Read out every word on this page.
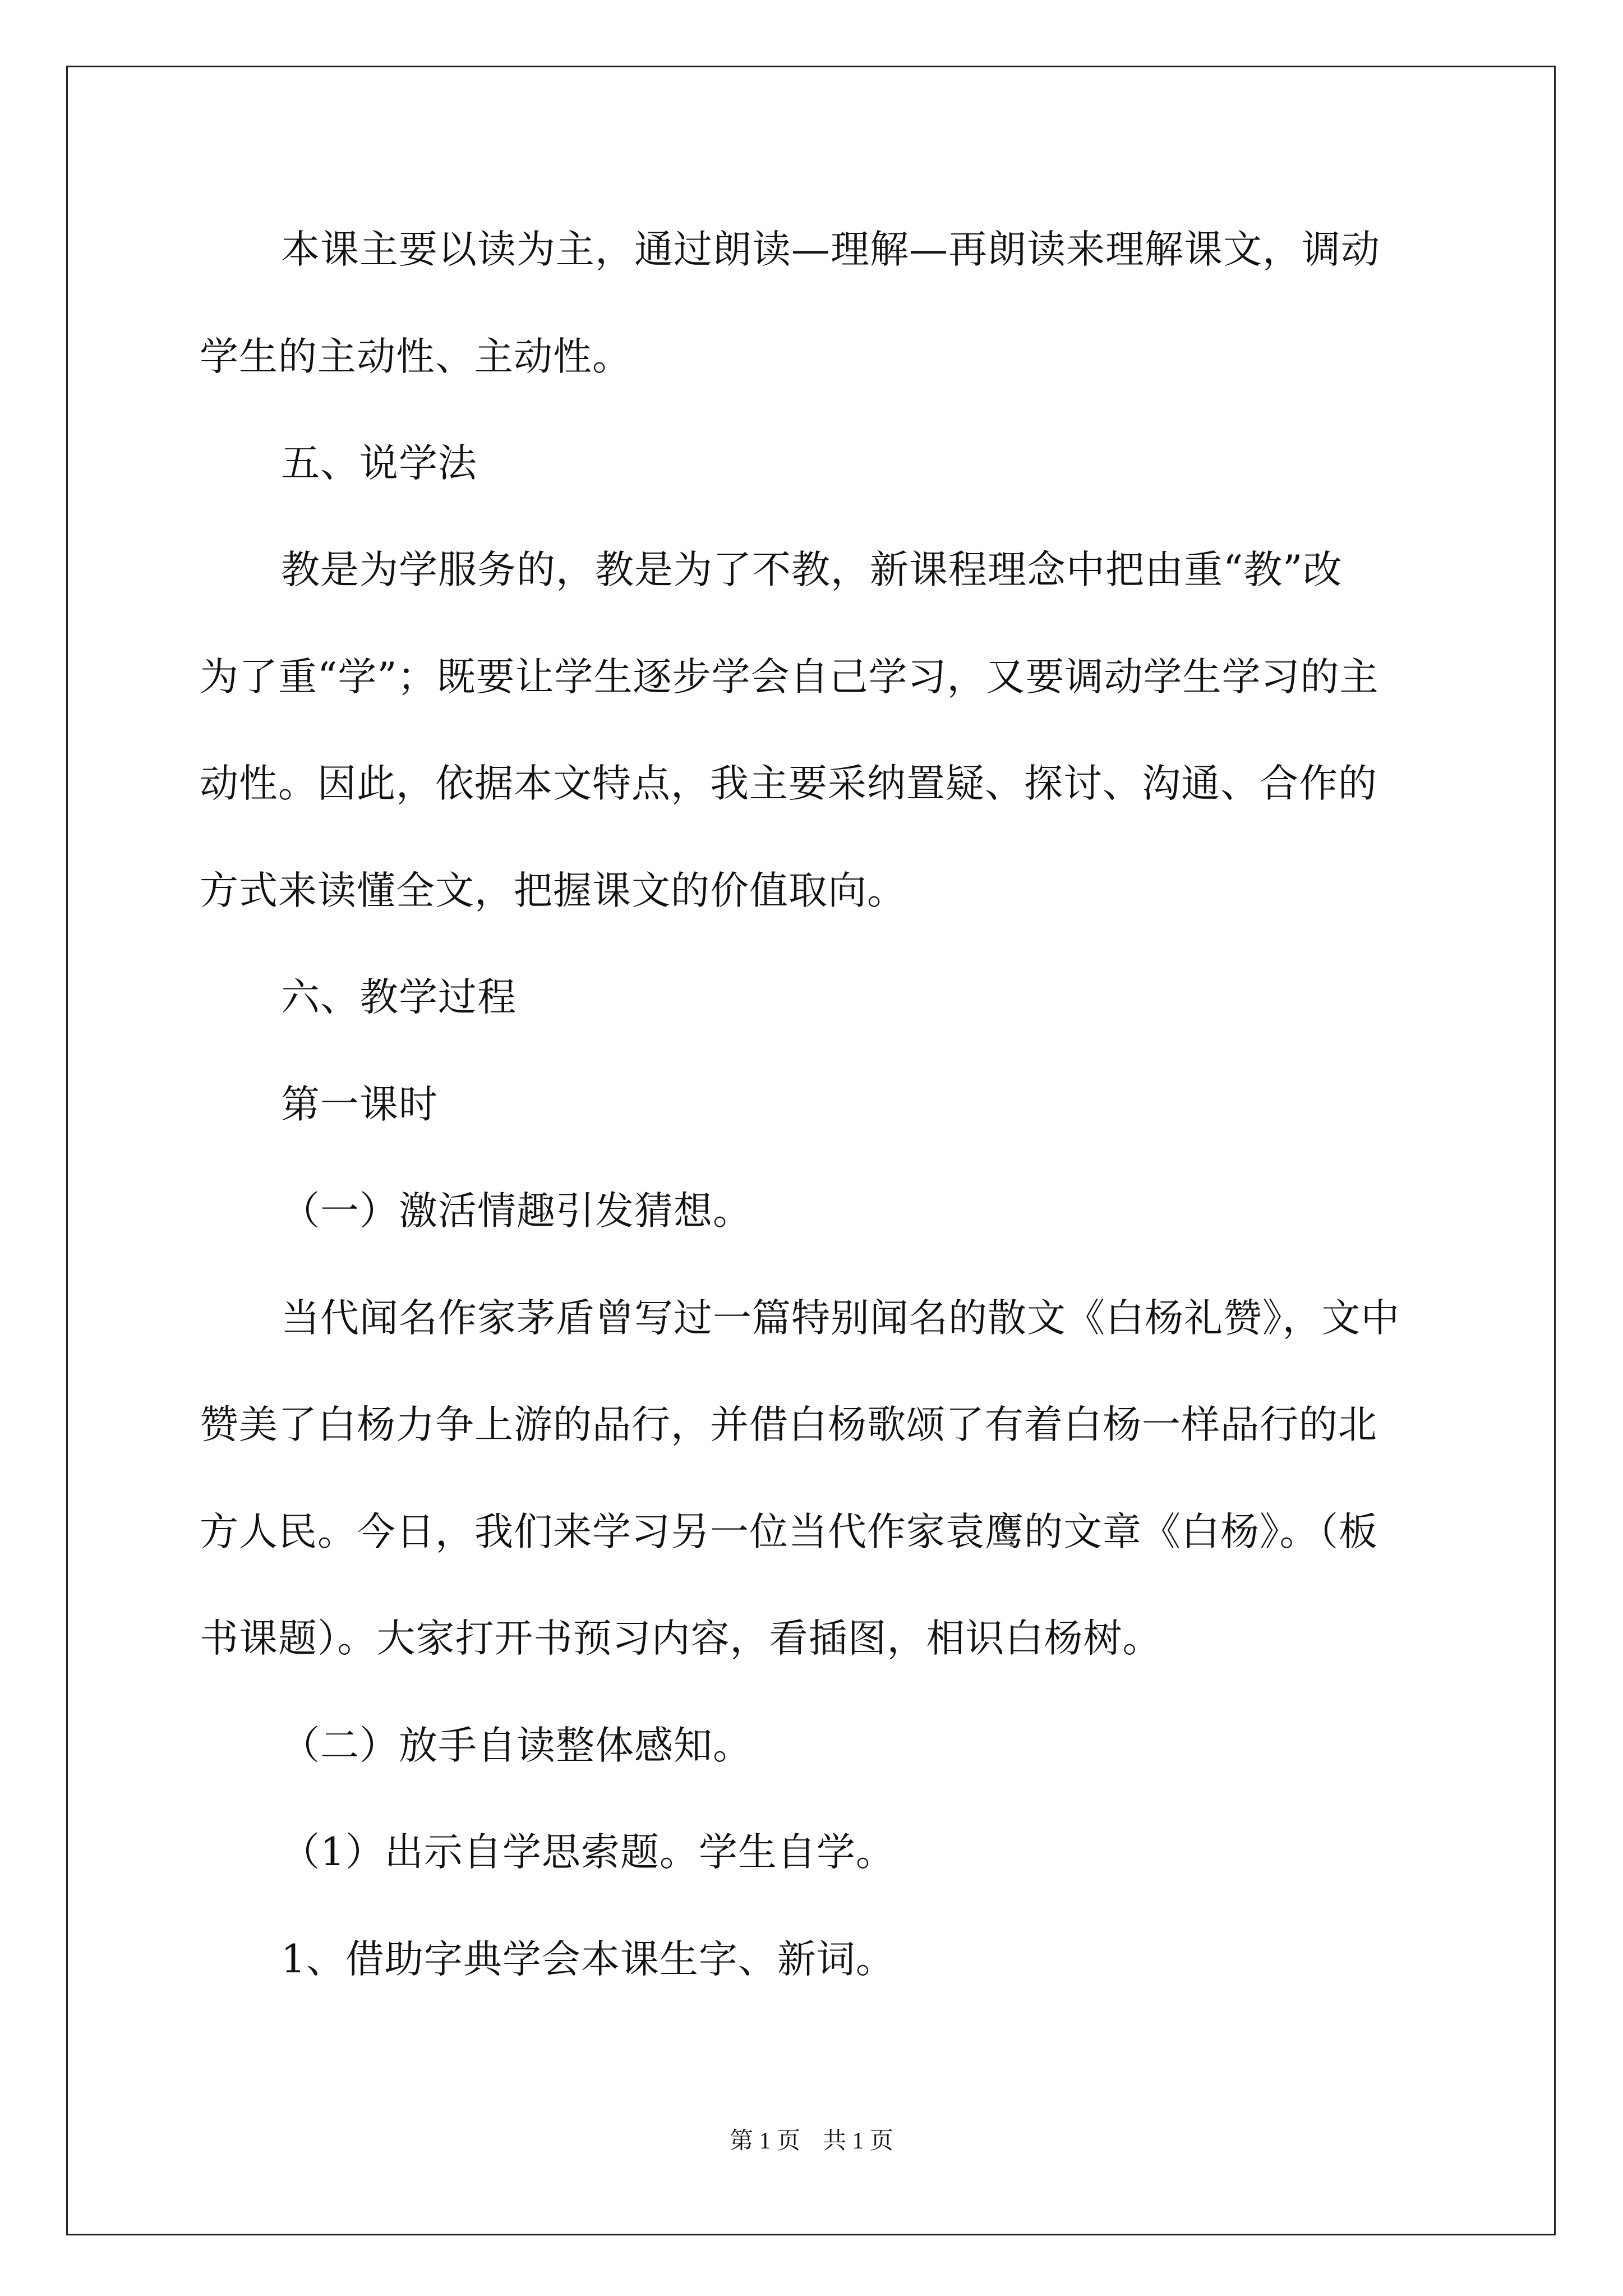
本课主要以读为主，通过朗读—理解—再朗读来理解课文，调动
学生的主动性、主动性。
五、说学法
教是为学服务的，教是为了不教，新课程理念中把由重“教”改
为了重“学”；既要让学生逐步学会自己学习，又要调动学生学习的主
动性。因此，依据本文特点，我主要采纳置疑、探讨、沟通、合作的
方式来读懂全文，把握课文的价值取向。
六、教学过程
第一课时
（一）激活情趣引发猜想。
当代闻名作家茅盾曾写过一篇特别闻名的散文《白杨礼赞》，文中
赞美了白杨力争上游的品行，并借白杨歌颂了有着白杨一样品行的北
方人民。今日，我们来学习另一位当代作家袁鹰的文章《白杨》。（板
书课题）。大家打开书预习内容，看插图，相识白杨树。
（二）放手自读整体感知。
（1）出示自学思索题。学生自学。
1、借助字典学会本课生字、新词。
第 1 页 共 1 页
